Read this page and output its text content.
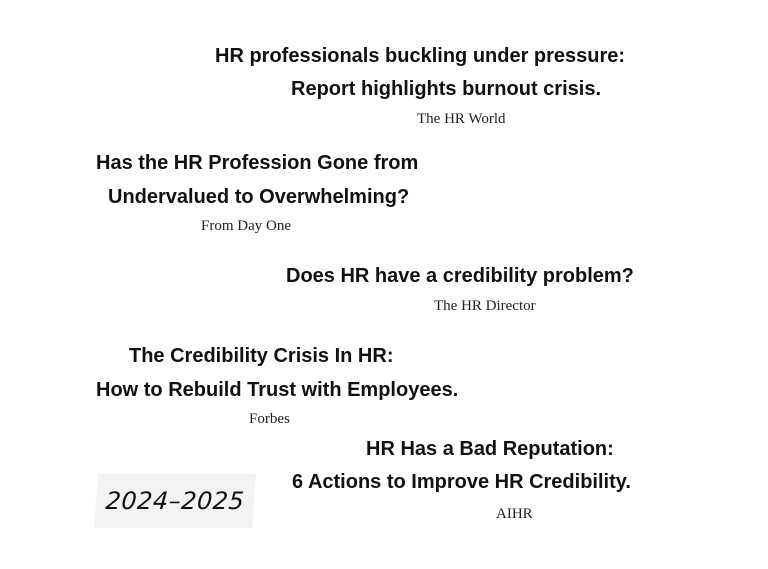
HR professionals buckling under pressure:
Report highlights burnout crisis.
The HR World
Has the HR Profession Gone from
Undervalued to Overwhelming?
From Day One
Does HR have a credibility problem?
The HR Director
The Credibility Crisis In HR:
How to Rebuild Trust with Employees.
Forbes
HR Has a Bad Reputation:
6 Actions to Improve HR Credibility.
AIHR
2024–2025
